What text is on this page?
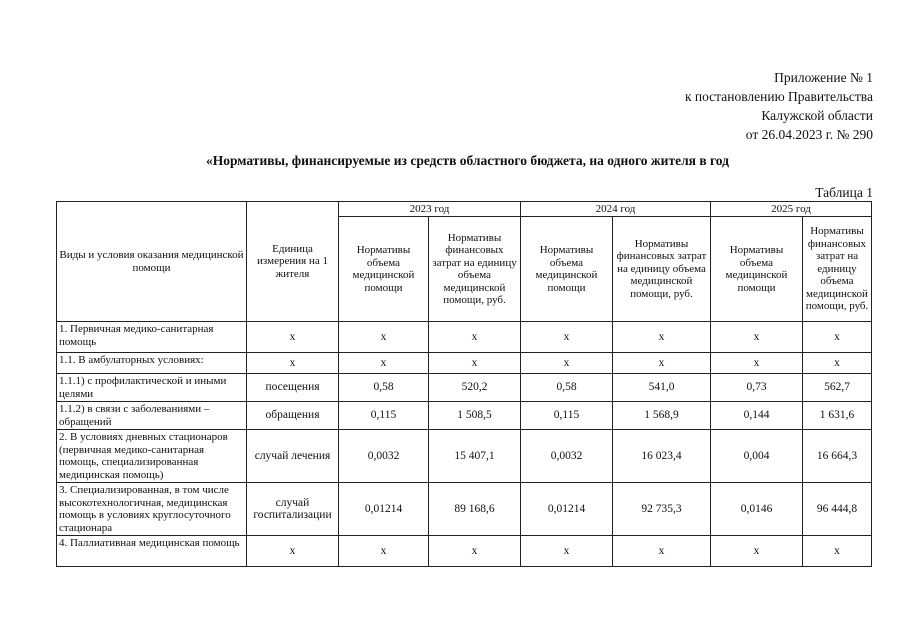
Приложение № 1
к постановлению Правительства
Калужской области
от 26.04.2023 г. № 290
«Нормативы, финансируемые из средств областного бюджета, на одного жителя в год
Таблица 1
Виды и условия оказания медицинской помощи	Единица измерения на 1 жителя	2023 год		2024 год		2025 год	
		Нормативы объема медицинской помощи	Нормативы финансовых затрат на единицу объема медицинской помощи, руб.	Нормативы объема медицинской помощи	Нормативы финансовых затрат на единицу объема медицинской помощи, руб.	Нормативы объема медицинской помощи	Нормативы финансовых затрат на единицу объема медицинской помощи, руб.
1. Первичная медико-санитарная помощь	х	х	х	х	х	х	х
1.1. В амбулаторных условиях:	х	х	х	х	х	х	х
1.1.1) с профилактической и иными целями	посещения	0,58	520,2	0,58	541,0	0,73	562,7
1.1.2) в связи с заболеваниями – обращений	обращения	0,115	1 508,5	0,115	1 568,9	0,144	1 631,6
2. В условиях дневных стационаров (первичная медико-санитарная помощь, специализированная медицинская помощь)	случай лечения	0,0032	15 407,1	0,0032	16 023,4	0,004	16 664,3
3. Специализированная, в том числе высокотехнологичная, медицинская помощь в условиях круглосуточного стационара	случай госпитализации	0,01214	89 168,6	0,01214	92 735,3	0,0146	96 444,8
4. Паллиативная медицинская помощь	х	х	х	х	х	х	х
